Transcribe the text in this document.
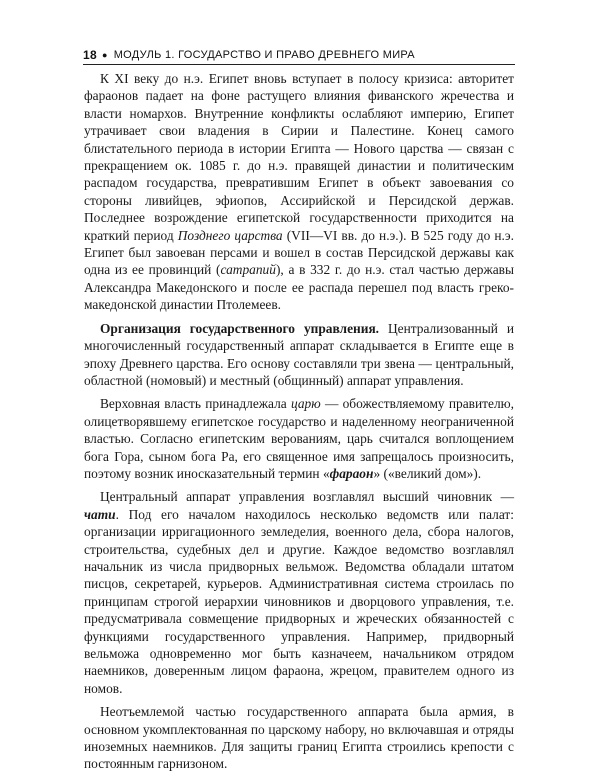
18 ● МОДУЛЬ 1. ГОСУДАРСТВО И ПРАВО ДРЕВНЕГО МИРА

К XI веку до н.э. Египет вновь вступает в полосу кризиса: авторитет фараонов падает на фоне растущего влияния фиванского жречества и власти номархов. Внутренние конфликты ослабляют империю, Египет утрачивает свои владения в Сирии и Палестине. Конец самого блистательного периода в истории Египта — Нового царства — связан с прекращением ок. 1085 г. до н.э. правящей династии и политическим распадом государства, превратившим Египет в объект завоевания со стороны ливийцев, эфиопов, Ассирийской и Персидской держав. Последнее возрождение египетской государственности приходится на краткий период Позднего царства (VII—VI вв. до н.э.). В 525 году до н.э. Египет был завоеван персами и вошел в состав Персидской державы как одна из ее провинций (сатрапий), а в 332 г. до н.э. стал частью державы Александра Македонского и после ее распада перешел под власть греко-македонской династии Птолемеев.

Организация государственного управления. Централизованный и многочисленный государственный аппарат складывается в Египте еще в эпоху Древнего царства. Его основу составляли три звена — центральный, областной (номовый) и местный (общинный) аппарат управления.

Верховная власть принадлежала царю — обожествляемому правителю, олицетворявшему египетское государство и наделенному неограниченной властью. Согласно египетским верованиям, царь считался воплощением бога Гора, сыном бога Ра, его священное имя запрещалось произносить, поэтому возник иносказательный термин «фараон» («великий дом»).

Центральный аппарат управления возглавлял высший чиновник — чати. Под его началом находилось несколько ведомств или палат: организации ирригационного земледелия, военного дела, сбора налогов, строительства, судебных дел и другие. Каждое ведомство возглавлял начальник из числа придворных вельмож. Ведомства обладали штатом писцов, секретарей, курьеров. Административная система строилась по принципам строгой иерархии чиновников и дворцового управления, т.е. предусматривала совмещение придворных и жреческих обязанностей с функциями государственного управления. Например, придворный вельможа одновременно мог быть казначеем, начальником отрядом наемников, доверенным лицом фараона, жрецом, правителем одного из номов.

Неотъемлемой частью государственного аппарата была армия, в основном укомплектованная по царскому набору, но включавшая и отряды иноземных наемников. Для защиты границ Египта строились крепости с постоянным гарнизоном.
